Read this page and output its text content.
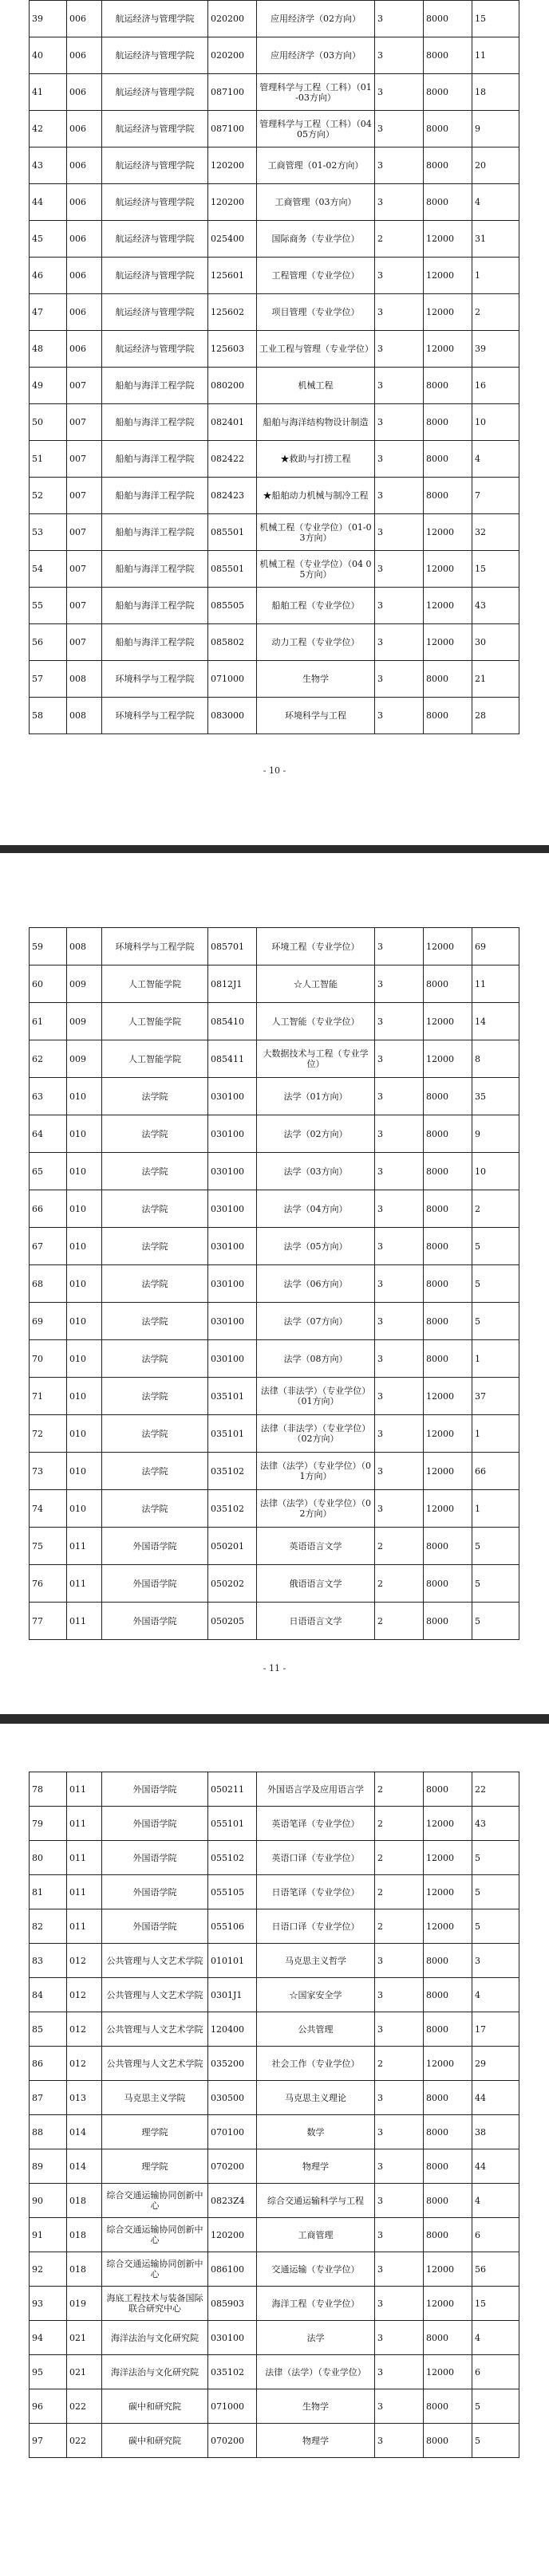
39	006	航运经济与管理学院	020200	应用经济学（02方向）	3	8000	15
40	006	航运经济与管理学院	020200	应用经济学（03方向）	3	8000	11
41	006	航运经济与管理学院	087100	管理科学与工程（工科）（01-03方向）	3	8000	18
42	006	航运经济与管理学院	087100	管理科学与工程（工科）（04 05方向）	3	8000	9
43	006	航运经济与管理学院	120200	工商管理（01-02方向）	3	8000	20
44	006	航运经济与管理学院	120200	工商管理（03方向）	3	8000	4
45	006	航运经济与管理学院	025400	国际商务（专业学位）	2	12000	31
46	006	航运经济与管理学院	125601	工程管理（专业学位）	3	12000	1
47	006	航运经济与管理学院	125602	项目管理（专业学位）	3	12000	2
48	006	航运经济与管理学院	125603	工业工程与管理（专业学位）	3	12000	39
49	007	船舶与海洋工程学院	080200	机械工程	3	8000	16
50	007	船舶与海洋工程学院	082401	船舶与海洋结构物设计制造	3	8000	10
51	007	船舶与海洋工程学院	082422	★救助与打捞工程	3	8000	4
52	007	船舶与海洋工程学院	082423	★船舶动力机械与制冷工程	3	8000	7
53	007	船舶与海洋工程学院	085501	机械工程（专业学位）（01-03方向）	3	12000	32
54	007	船舶与海洋工程学院	085501	机械工程（专业学位）（04 05方向）	3	12000	15
55	007	船舶与海洋工程学院	085505	船舶工程（专业学位）	3	12000	43
56	007	船舶与海洋工程学院	085802	动力工程（专业学位）	3	12000	30
57	008	环境科学与工程学院	071000	生物学	3	8000	21
58	008	环境科学与工程学院	083000	环境科学与工程	3	8000	28
- 10 -
59	008	环境科学与工程学院	085701	环境工程（专业学位）	3	12000	69
60	009	人工智能学院	0812J1	☆人工智能	3	8000	11
61	009	人工智能学院	085410	人工智能（专业学位）	3	12000	14
62	009	人工智能学院	085411	大数据技术与工程（专业学位）	3	12000	8
63	010	法学院	030100	法学（01方向）	3	8000	35
64	010	法学院	030100	法学（02方向）	3	8000	9
65	010	法学院	030100	法学（03方向）	3	8000	10
66	010	法学院	030100	法学（04方向）	3	8000	2
67	010	法学院	030100	法学（05方向）	3	8000	5
68	010	法学院	030100	法学（06方向）	3	8000	5
69	010	法学院	030100	法学（07方向）	3	8000	5
70	010	法学院	030100	法学（08方向）	3	8000	1
71	010	法学院	035101	法律（非法学）（专业学位）（01方向）	3	12000	37
72	010	法学院	035101	法律（非法学）（专业学位）（02方向）	3	12000	1
73	010	法学院	035102	法律（法学）（专业学位）（01方向）	3	12000	66
74	010	法学院	035102	法律（法学）（专业学位）（02方向）	3	12000	1
75	011	外国语学院	050201	英语语言文学	2	8000	5
76	011	外国语学院	050202	俄语语言文学	2	8000	5
77	011	外国语学院	050205	日语语言文学	2	8000	5
- 11 -
78	011	外国语学院	050211	外国语言学及应用语言学	2	8000	22
79	011	外国语学院	055101	英语笔译（专业学位）	2	12000	43
80	011	外国语学院	055102	英语口译（专业学位）	2	12000	5
81	011	外国语学院	055105	日语笔译（专业学位）	2	12000	5
82	011	外国语学院	055106	日语口译（专业学位）	2	12000	5
83	012	公共管理与人文艺术学院	010101	马克思主义哲学	3	8000	3
84	012	公共管理与人文艺术学院	0301J1	☆国家安全学	3	8000	4
85	012	公共管理与人文艺术学院	120400	公共管理	3	8000	17
86	012	公共管理与人文艺术学院	035200	社会工作（专业学位）	2	12000	29
87	013	马克思主义学院	030500	马克思主义理论	3	8000	44
88	014	理学院	070100	数学	3	8000	38
89	014	理学院	070200	物理学	3	8000	44
90	018	综合交通运输协同创新中心	0823Z4	综合交通运输科学与工程	3	8000	4
91	018	综合交通运输协同创新中心	120200	工商管理	3	8000	6
92	018	综合交通运输协同创新中心	086100	交通运输（专业学位）	3	12000	56
93	019	海底工程技术与装备国际联合研究中心	085903	海洋工程（专业学位）	3	12000	15
94	021	海洋法治与文化研究院	030100	法学	3	8000	4
95	021	海洋法治与文化研究院	035102	法律（法学）（专业学位）	3	12000	6
96	022	碳中和研究院	071000	生物学	3	8000	5
97	022	碳中和研究院	070200	物理学	3	8000	5
